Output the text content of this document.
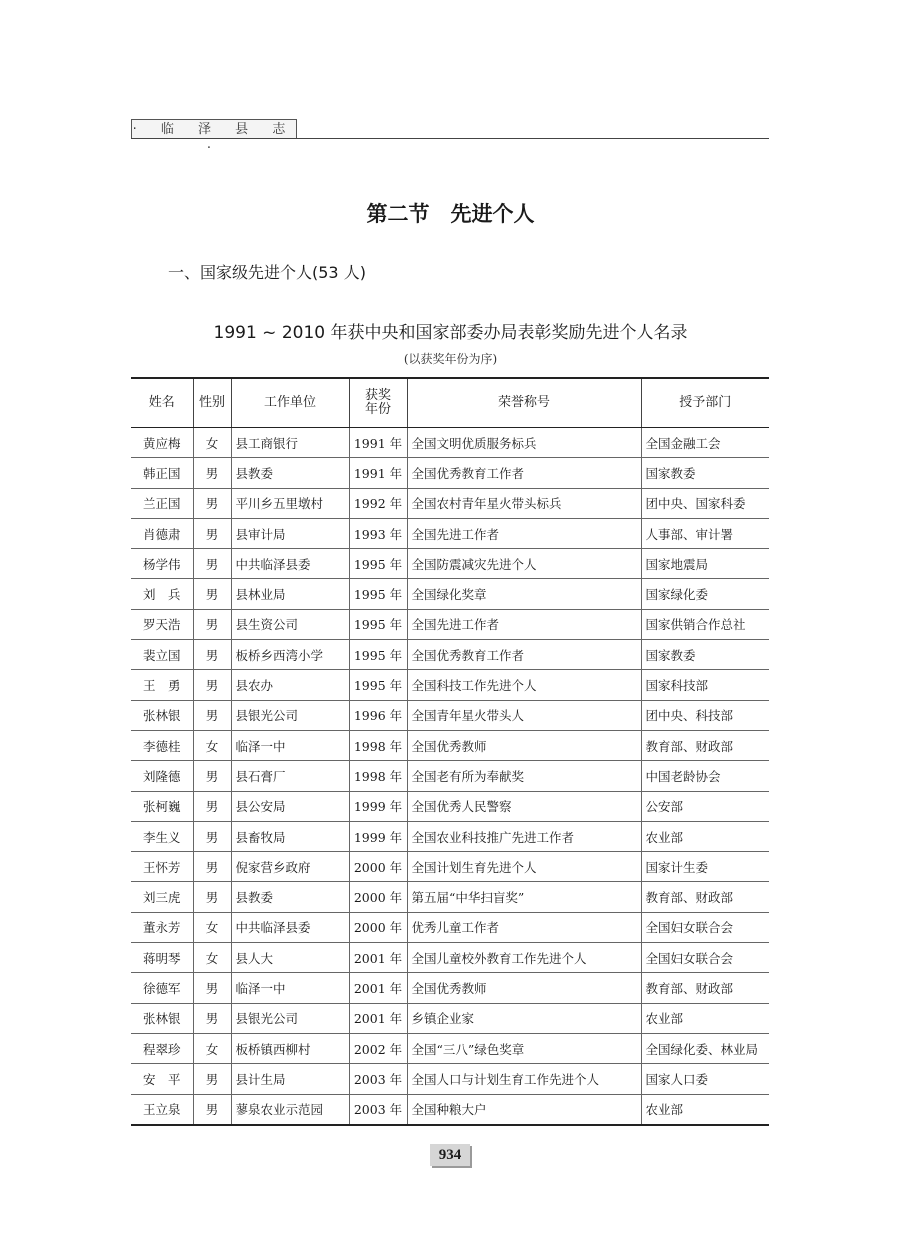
· 临 泽 县 志 ·
第二节　先进个人
一、国家级先进个人(53 人)
1991 ~ 2010 年获中央和国家部委办局表彰奖励先进个人名录
(以获奖年份为序)
姓名	性别	工作单位	获奖年份	荣誉称号	授予部门
黄应梅	女	县工商银行	1991 年	全国文明优质服务标兵	全国金融工会
韩正国	男	县教委	1991 年	全国优秀教育工作者	国家教委
兰正国	男	平川乡五里墩村	1992 年	全国农村青年星火带头标兵	团中央、国家科委
肖德肃	男	县审计局	1993 年	全国先进工作者	人事部、审计署
杨学伟	男	中共临泽县委	1995 年	全国防震减灾先进个人	国家地震局
刘　兵	男	县林业局	1995 年	全国绿化奖章	国家绿化委
罗天浩	男	县生资公司	1995 年	全国先进工作者	国家供销合作总社
裴立国	男	板桥乡西湾小学	1995 年	全国优秀教育工作者	国家教委
王　勇	男	县农办	1995 年	全国科技工作先进个人	国家科技部
张林银	男	县银光公司	1996 年	全国青年星火带头人	团中央、科技部
李德桂	女	临泽一中	1998 年	全国优秀教师	教育部、财政部
刘隆德	男	县石膏厂	1998 年	全国老有所为奉献奖	中国老龄协会
张柯巍	男	县公安局	1999 年	全国优秀人民警察	公安部
李生义	男	县畜牧局	1999 年	全国农业科技推广先进工作者	农业部
王怀芳	男	倪家营乡政府	2000 年	全国计划生育先进个人	国家计生委
刘三虎	男	县教委	2000 年	第五届“中华扫盲奖”	教育部、财政部
董永芳	女	中共临泽县委	2000 年	优秀儿童工作者	全国妇女联合会
蒋明琴	女	县人大	2001 年	全国儿童校外教育工作先进个人	全国妇女联合会
徐德军	男	临泽一中	2001 年	全国优秀教师	教育部、财政部
张林银	男	县银光公司	2001 年	乡镇企业家	农业部
程翠珍	女	板桥镇西柳村	2002 年	全国“三八”绿色奖章	全国绿化委、林业局
安　平	男	县计生局	2003 年	全国人口与计划生育工作先进个人	国家人口委
王立泉	男	蓼泉农业示范园	2003 年	全国种粮大户	农业部
934
